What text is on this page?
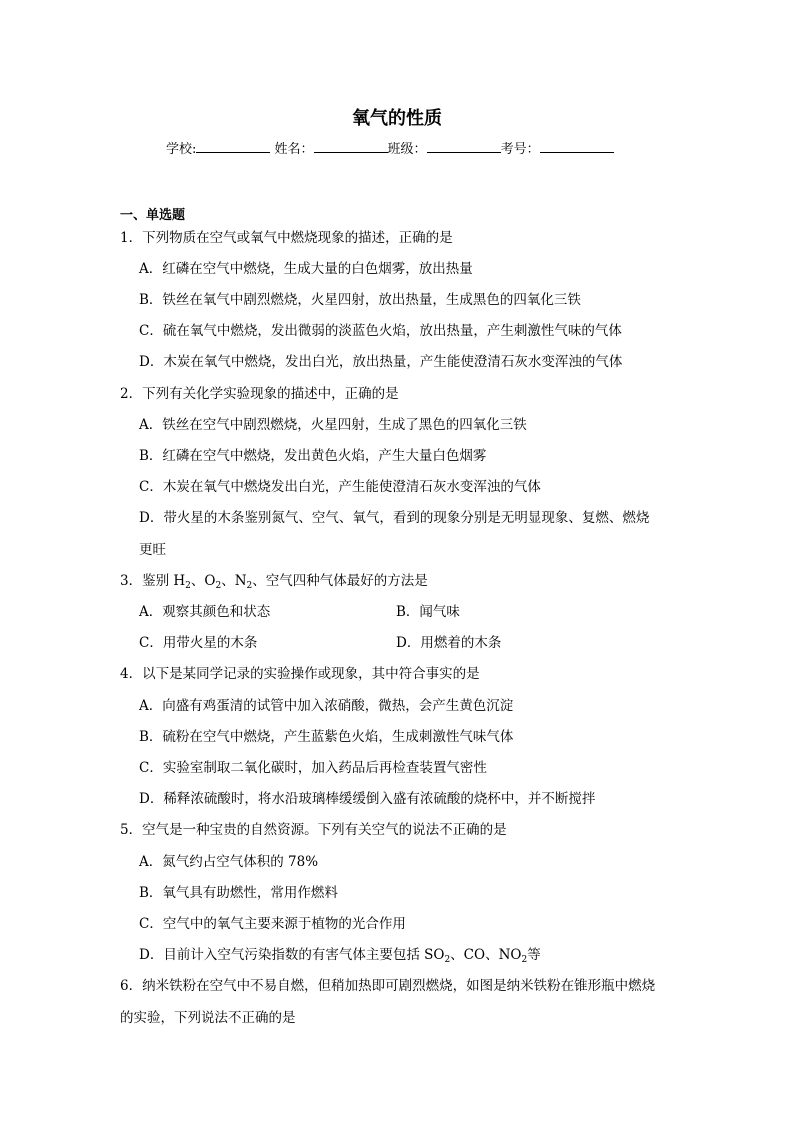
氧气的性质
学校:	姓名：	班级：	考号：
一、单选题
1．下列物质在空气或氧气中燃烧现象的描述，正确的是
A．红磷在空气中燃烧，生成大量的白色烟雾，放出热量
B．铁丝在氧气中剧烈燃烧，火星四射，放出热量，生成黑色的四氧化三铁
C．硫在氧气中燃烧，发出微弱的淡蓝色火焰，放出热量，产生刺激性气味的气体
D．木炭在氧气中燃烧，发出白光，放出热量，产生能使澄清石灰水变浑浊的气体
2．下列有关化学实验现象的描述中，正确的是
A．铁丝在空气中剧烈燃烧，火星四射，生成了黑色的四氧化三铁
B．红磷在空气中燃烧，发出黄色火焰，产生大量白色烟雾
C．木炭在氧气中燃烧发出白光，产生能使澄清石灰水变浑浊的气体
D．带火星的木条鉴别氮气、空气、氧气，看到的现象分别是无明显现象、复燃、燃烧
更旺
3．鉴别 $H_2$、$O_2$、$N_2$、空气四种气体最好的方法是
A．观察其颜色和状态	B．闻气味
C．用带火星的木条	D．用燃着的木条
4．以下是某同学记录的实验操作或现象，其中符合事实的是
A．向盛有鸡蛋清的试管中加入浓硝酸，微热，会产生黄色沉淀
B．硫粉在空气中燃烧，产生蓝紫色火焰，生成刺激性气味气体
C．实验室制取二氧化碳时，加入药品后再检查装置气密性
D．稀释浓硫酸时，将水沿玻璃棒缓缓倒入盛有浓硫酸的烧杯中，并不断搅拌
5．空气是一种宝贵的自然资源。下列有关空气的说法不正确的是
A．氮气约占空气体积的 78%
B．氧气具有助燃性，常用作燃料
C．空气中的氧气主要来源于植物的光合作用
D．目前计入空气污染指数的有害气体主要包括 $SO_2$、CO、$NO_2$等
6．纳米铁粉在空气中不易自燃，但稍加热即可剧烈燃烧，如图是纳米铁粉在锥形瓶中燃烧
的实验，下列说法不正确的是
